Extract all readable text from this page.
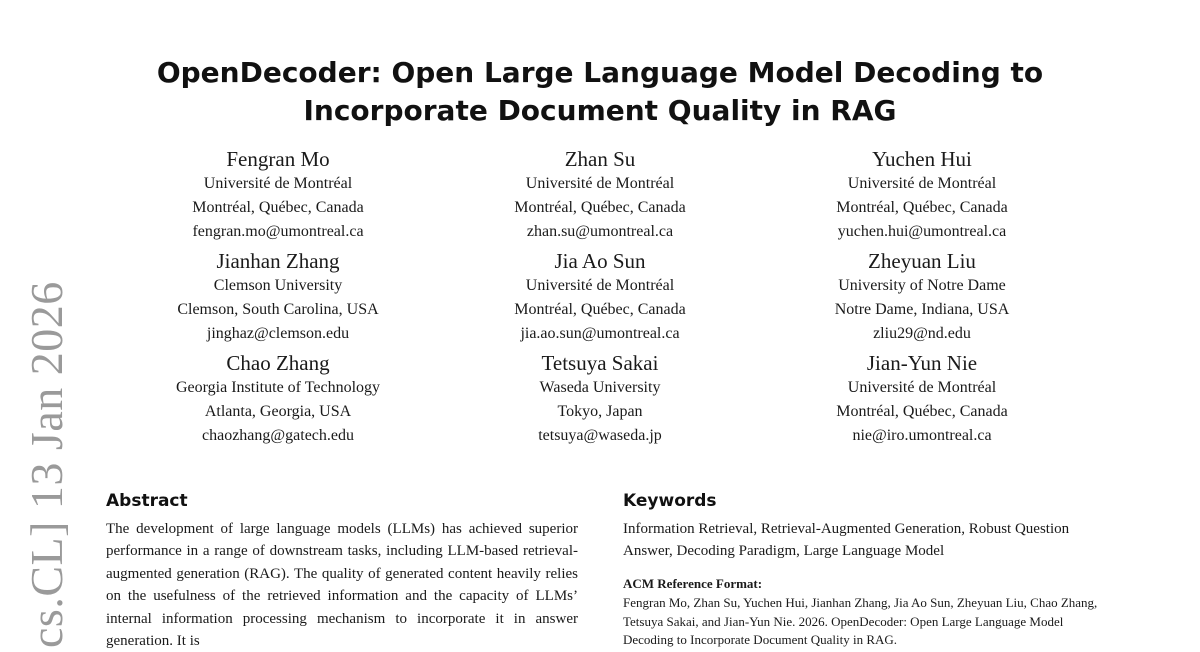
cs.CL] 13 Jan 2026
OpenDecoder: Open Large Language Model Decoding to
Incorporate Document Quality in RAG
Fengran Mo
Université de Montréal
Montréal, Québec, Canada
fengran.mo@umontreal.ca
Zhan Su
Université de Montréal
Montréal, Québec, Canada
zhan.su@umontreal.ca
Yuchen Hui
Université de Montréal
Montréal, Québec, Canada
yuchen.hui@umontreal.ca
Jianhan Zhang
Clemson University
Clemson, South Carolina, USA
jinghaz@clemson.edu
Jia Ao Sun
Université de Montréal
Montréal, Québec, Canada
jia.ao.sun@umontreal.ca
Zheyuan Liu
University of Notre Dame
Notre Dame, Indiana, USA
zliu29@nd.edu
Chao Zhang
Georgia Institute of Technology
Atlanta, Georgia, USA
chaozhang@gatech.edu
Tetsuya Sakai
Waseda University
Tokyo, Japan
tetsuya@waseda.jp
Jian-Yun Nie
Université de Montréal
Montréal, Québec, Canada
nie@iro.umontreal.ca
Abstract

The development of large language models (LLMs) has achieved superior performance in a range of downstream tasks, including LLM-based retrieval-augmented generation (RAG). The quality of generated content heavily relies on the usefulness of the retrieved information and the capacity of LLMs’ internal information processing mechanism to incorporate it in answer generation. It is

Keywords

Information Retrieval, Retrieval-Augmented Generation, Robust Question Answer, Decoding Paradigm, Large Language Model

ACM Reference Format:

Fengran Mo, Zhan Su, Yuchen Hui, Jianhan Zhang, Jia Ao Sun, Zheyuan Liu, Chao Zhang, Tetsuya Sakai, and Jian-Yun Nie. 2026. OpenDecoder: Open Large Language Model Decoding to Incorporate Document Quality in RAG.
